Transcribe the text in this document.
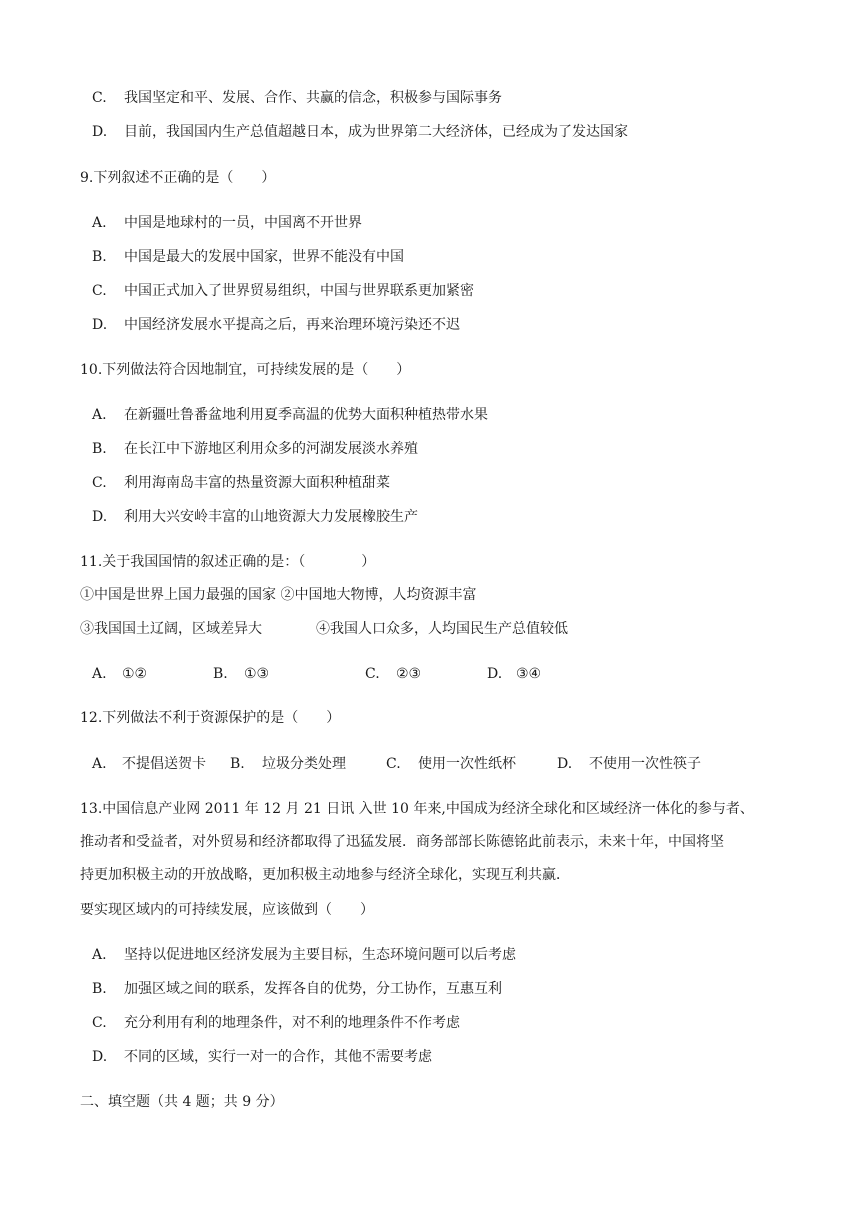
C. 我国坚定和平、发展、合作、共赢的信念，积极参与国际事务
D. 目前，我国国内生产总值超越日本，成为世界第二大经济体，已经成为了发达国家
9.下列叙述不正确的是（　　）
A. 中国是地球村的一员，中国离不开世界
B. 中国是最大的发展中国家，世界不能没有中国
C. 中国正式加入了世界贸易组织，中国与世界联系更加紧密
D. 中国经济发展水平提高之后，再来治理环境污染还不迟
10.下列做法符合因地制宜，可持续发展的是（　　）
A. 在新疆吐鲁番盆地利用夏季高温的优势大面积种植热带水果
B. 在长江中下游地区利用众多的河湖发展淡水养殖
C. 利用海南岛丰富的热量资源大面积种植甜菜
D. 利用大兴安岭丰富的山地资源大力发展橡胶生产
11.关于我国国情的叙述正确的是：（　　　　）
①中国是世界上国力最强的国家 ②中国地大物博，人均资源丰富
③我国国土辽阔，区域差异大	④我国人口众多，人均国民生产总值较低
A. ①②	B. ①③	C. ②③	D. ③④
12.下列做法不利于资源保护的是（　　）
A. 不提倡送贺卡 B. 垃圾分类处理	C. 使用一次性纸杯	D. 不使用一次性筷子
13.中国信息产业网 2011 年 12 月 21 日讯 入世 10 年来,中国成为经济全球化和区域经济一体化的参与者、
推动者和受益者，对外贸易和经济都取得了迅猛发展．商务部部长陈德铭此前表示，未来十年，中国将坚
持更加积极主动的开放战略，更加积极主动地参与经济全球化，实现互利共赢．
要实现区域内的可持续发展，应该做到（　　）
A. 坚持以促进地区经济发展为主要目标，生态环境问题可以后考虑
B. 加强区域之间的联系，发挥各自的优势，分工协作，互惠互利
C. 充分利用有利的地理条件，对不利的地理条件不作考虑
D. 不同的区域，实行一对一的合作，其他不需要考虑
二、填空题（共 4 题；共 9 分）
